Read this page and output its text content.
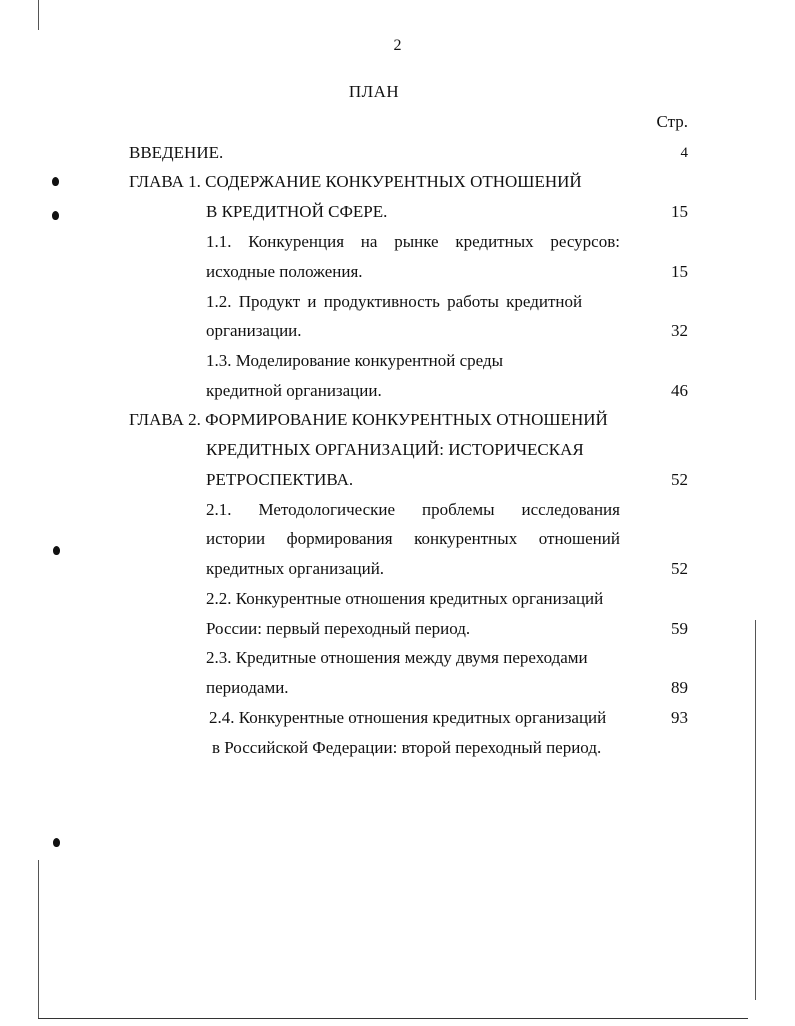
2
ПЛАН
Стр.
ВВЕДЕНИЕ.	4
ГЛАВА 1. СОДЕРЖАНИЕ КОНКУРЕНТНЫХ ОТНОШЕНИЙ
В КРЕДИТНОЙ СФЕРЕ.	15
1.1. Конкуренция на рынке кредитных ресурсов:
исходные положения.	15
1.2. Продукт и продуктивность работы кредитной
организации.	32
1.3. Моделирование конкурентной среды
кредитной организации.	46
ГЛАВА 2. ФОРМИРОВАНИЕ КОНКУРЕНТНЫХ ОТНОШЕНИЙ
КРЕДИТНЫХ ОРГАНИЗАЦИЙ: ИСТОРИЧЕСКАЯ
РЕТРОСПЕКТИВА.	52
2.1. Методологические проблемы исследования
истории формирования конкурентных отношений
кредитных организаций.	52
2.2. Конкурентные отношения кредитных организаций
России: первый переходный период.	59
2.3. Кредитные отношения между двумя переходами
периодами.	89
2.4. Конкурентные отношения кредитных организаций	93
в Российской Федерации: второй переходный период.
